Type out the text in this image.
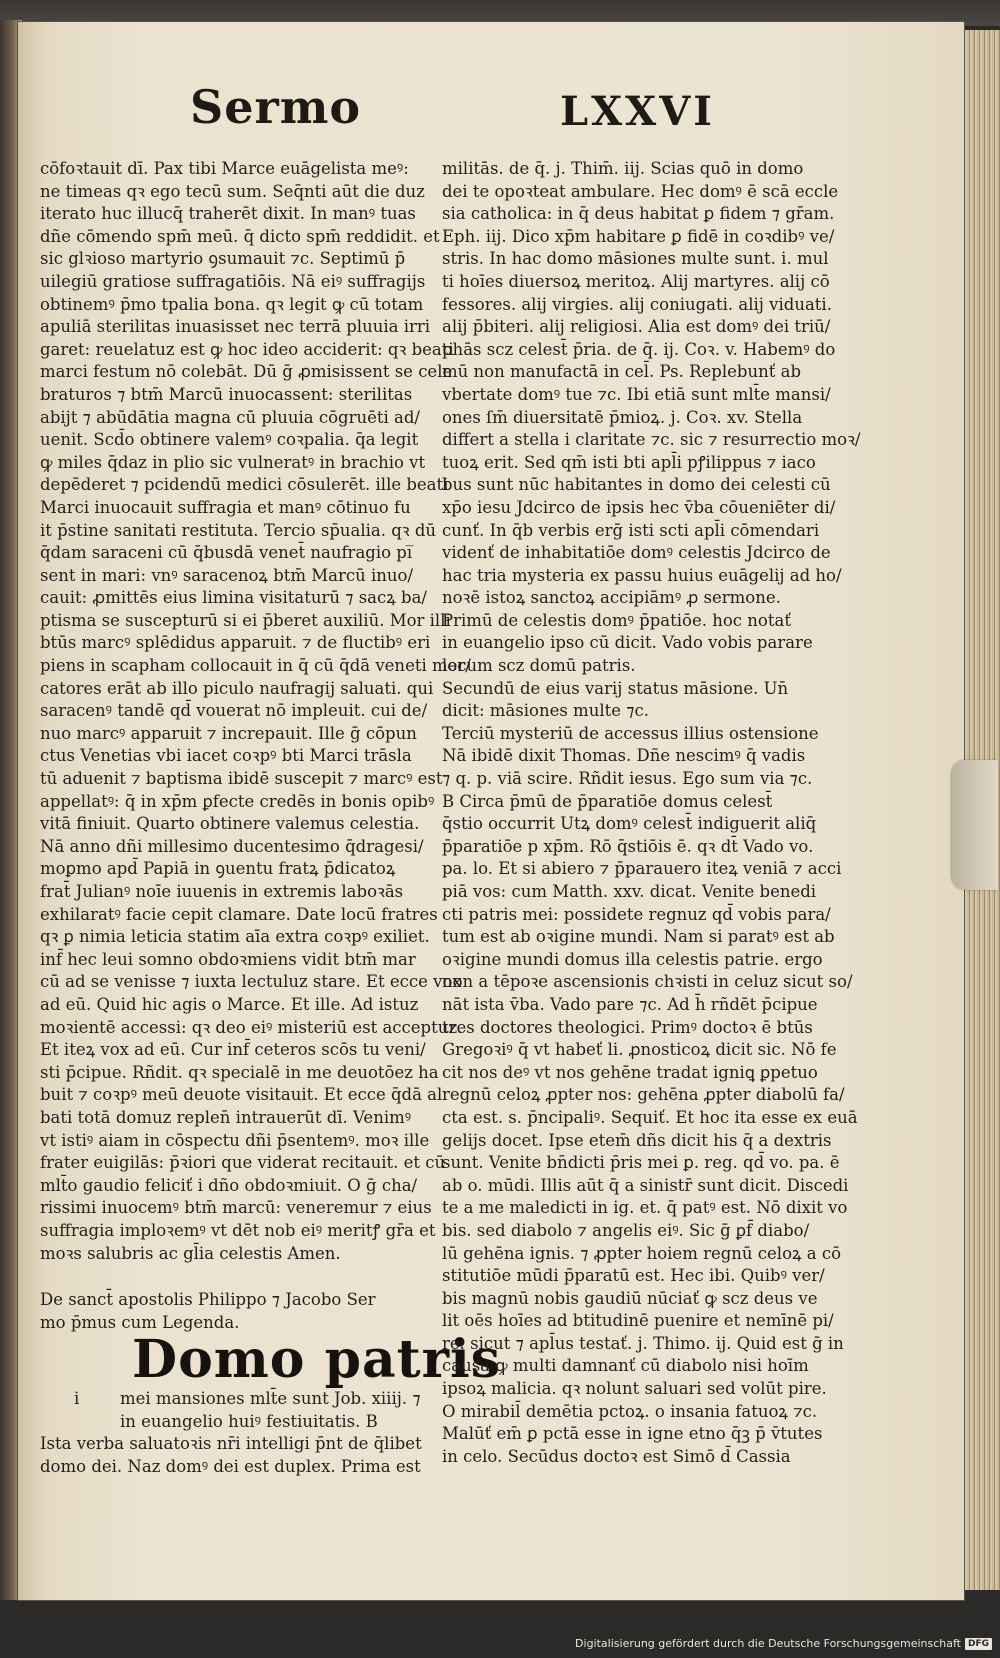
Sermo	LXXVI
cōfoꝛtauit dī. Pax tibi Marce euāgelista meꝰ:
ne timeas qꝛ ego tecū sum. Seq̄nti aūt die duz
iterato huc illucq̄ traherēt dixit. In manꝰ tuas
dñe cōmendo spm̄ meū. q̄ dicto spm̄ reddidit. et
sic glꝛioso martyrio ꝯsumauit ⁊c. Septimū p̄
uilegiū gratiose suffragatiōis. Nā eiꝰ suffragijs
obtinemꝰ p̄mo tpalia bona. qꝛ legit ꝙ cū totam
apuliā sterilitas inuasisset nec terrā pluuia irri
garet: reuelatuz est ꝙ hoc ideo acciderit: qꝛ beati
marci festum nō colebāt. Dū ḡ ꝓmisissent se cele
braturos ⁊ btm̄ Marcū inuocassent: sterilitas
abijt ⁊ abūdātia magna cū pluuia cōgruēti ad/
uenit. Scd̄o obtinere valemꝰ coꝛpalia. q̄a legit
ꝙ miles q̄daz in plio sic vulneratꝰ in brachio vt
depēderet ⁊ pcidendū medici cōsulerēt. ille beati
Marci inuocauit suffragia et manꝰ cōtinuo fu
it p̄stine sanitati restituta. Tercio sp̄ualia. qꝛ dū
q̄dam saraceni cū q̄busdā venet̄ naufragio pi̅
sent in mari: vnꝰ saracenoꝝ btm̄ Marcū inuo/
cauit: ꝓmittēs eius limina visitaturū ⁊ sacꝝ ba/
ptisma se suscepturū si ei p̄beret auxiliū. Mor illi
btūs marcꝰ splēdidus apparuit. ⁊ de fluctibꝰ eri
piens in scapham collocauit in q̄ cū q̄dā veneti mer/
catores erāt ab illo piculo naufragij saluati. qui
saracenꝰ tandē qd̄ vouerat nō impleuit. cui de/
nuo marcꝰ apparuit ⁊ increpauit. Ille ḡ cōpun
ctus Venetias vbi iacet coꝛpꝰ bti Marci trāsla
tū aduenit ⁊ baptisma ibidē suscepit ⁊ marcꝰ est
appellatꝰ: q̄ in xp̄m ꝑfecte credēs in bonis opibꝰ
vitā finiuit. Quarto obtinere valemus celestia.
Nā anno dñi millesimo ducentesimo q̄dragesi/
moꝑmo apd̄ Papiā in ꝯuentu fratꝝ p̄dicatoꝝ
frat̄ Julianꝰ noīe iuuenis in extremis laboꝛās
exhilaratꝰ facie cepit clamare. Date locū fratres
qꝛ ꝑ nimia leticia statim aīa extra coꝛpꝰ exiliet.
inf̄ hec leui somno obdoꝛmiens vidit btm̄ mar
cū ad se venisse ⁊ iuxta lectuluz stare. Et ecce vox
ad eū. Quid hic agis o Marce. Et ille. Ad istuz
moꝛientē accessi: qꝛ deo eiꝰ misteriū est acceptuz.
Et iteꝝ vox ad eū. Cur inf̄ ceteros scōs tu veni/
sti p̄cipue. Rñdit. qꝛ specialē in me deuotōez ha
buit ⁊ coꝛpꝰ meū deuote visitauit. Et ecce q̄dā al
bati totā domuz replen̄ intrauerūt dī. Venimꝰ
vt istiꝰ aiam in cōspectu dñi p̄sentemꝰ. moꝛ ille
frater euigilās: p̄ꝛiori que viderat recitauit. et cū
mlt̄o gaudio feliciť i dño obdoꝛmiuit. O ḡ cha/
rissimi inuocemꝰ btm̄ marcū: veneremur ⁊ eius
suffragia imploꝛemꝰ vt dēt nob eiꝰ meritꝭ gr̄a et
moꝛs salubris ac gl̄ia celestis Amen.
De sanct̄ apostolis Philippo ⁊ Jacobo Ser
mo p̄mus cum Legenda.
Domo patris
i mei mansiones mlt̄e sunt Job. xiiij. ⁊
in euangelio huiꝰ festiuitatis. B
Ista verba saluatoꝛis nr̄i intelligi p̄nt de q̄libet
domo dei. Naz domꝰ dei est duplex. Prima est
militās. de q̄. j. Thim̄. iij. Scias quō in domo
dei te opoꝛteat ambulare. Hec domꝰ ē scā eccle
sia catholica: in q̄ deus habitat ꝑ fidem ⁊ gr̄am.
Eph. iij. Dico xp̄m habitare ꝑ fidē in coꝛdibꝰ ve/
stris. In hac domo māsiones multe sunt. i. mul
ti hoīes diuersoꝝ meritoꝝ. Alij martyres. alij cō
fessores. alij virgies. alij coniugati. alij viduati.
alij p̄biteri. alij religiosi. Alia est domꝰ dei triū/
phās scz celest̄ p̄ria. de q̄. ij. Coꝛ. v. Habemꝰ do
mū non manufactā in cel̄. Ps. Replebunť ab
vbertate domꝰ tue ⁊c. Ibi etiā sunt mlt̄e mansi/
ones ſm̄ diuersitatē p̄mioꝝ. j. Coꝛ. xv. Stella
differt a stella i claritate ⁊c. sic ⁊ resurrectio moꝛ/
tuoꝝ erit. Sed qm̄ isti bti apl̄i pꝭilippus ⁊ iaco
bus sunt nūc habitantes in domo dei celesti cū
xp̄o iesu Jdcirco de ipsis hec v̄ba cōueniēter di/
cunť. In q̄b verbis erḡ isti scti apl̄i cōmendari
videnť de inhabitatiōe domꝰ celestis Jdcirco de
hac tria mysteria ex passu huius euāgelij ad ho/
noꝛē istoꝝ sanctoꝝ accipiāmꝰ ꝓ sermone.
Primū de celestis domꝰ p̄patiōe. hoc notať
in euangelio ipso cū dicit. Vado vobis parare
locum scz domū patris.
Secundū de eius varij status māsione. Un̄
dicit: māsiones multe ⁊c.
Terciū mysteriū de accessus illius ostensione
Nā ibidē dixit Thomas. Dñe nescimꝰ q̄ vadis
⁊ q. p. viā scire. Rñdit iesus. Ego sum via ⁊c.
B Circa p̄mū de p̄paratiōe domus celest̄
q̄stio occurrit Utꝝ domꝰ celest̄ indiguerit aliq̄
p̄paratiōe p xp̄m. Rō q̄stiōis ē. qꝛ dt̄ Vado vo.
pa. lo. Et si abiero ⁊ p̄parauero iteꝝ veniā ⁊ acci
piā vos: cum Matth. xxv. dicat. Venite benedi
cti patris mei: possidete regnuz qd̄ vobis para/
tum est ab oꝛigine mundi. Nam si paratꝰ est ab
oꝛigine mundi domus illa celestis patrie. ergo
non a tēpoꝛe ascensionis chꝛisti in celuz sicut so/
nāt ista v̄ba. Vado pare ⁊c. Ad h̄ rñdēt p̄cipue
tres doctores theologici. Primꝰ doctoꝛ ē btūs
Gregoꝛiꝰ q̄ vt habeť li. ꝓnosticoꝝ dicit sic. Nō fe
cit nos deꝰ vt nos gehēne tradat igniꝗ ꝑpetuo
regnū celoꝝ ꝓpter nos: gehēna ꝓpter diabolū fa/
cta est. s. p̄ncipaliꝰ. Sequiť. Et hoc ita esse ex euā
gelijs docet. Ipse etem̄ dñs dicit his q̄ a dextris
sunt. Venite bn̄dicti p̄ris mei ꝑ. reg. qd̄ vo. pa. ē
ab o. mūdi. Illis aūt q̄ a sinistr̄ sunt dicit. Discedi
te a me maledicti in ig. et. q̄ patꝰ est. Nō dixit vo
bis. sed diabolo ⁊ angelis eiꝰ. Sic ḡ ꝑf̄ diabo/
lū gehēna ignis. ⁊ ꝓpter hoiem regnū celoꝝ a cō
stitutiōe mūdi p̄paratū est. Hec ibi. Quibꝰ ver/
bis magnū nobis gaudiū nūciať ꝙ scz deus ve
lit oēs hoīes ad btitudinē puenire et nemīnē pi/
re. sicut ⁊ apl̄us testať. j. Thimo. ij. Quid est ḡ in
causa ꝙ multi damnanť cū diabolo nisi hoīm
ipsoꝝ malicia. qꝛ nolunt saluari sed volūt pire.
O mirabil̄ demētia pctoꝝ. o insania fatuoꝝ ⁊c.
Malūť em̄ ꝑ pctā esse in igne etno q̄ꝫ p̄ v̄tutes
in celo. Secūdus doctoꝛ est Simō d̄ Cassia
Digitalisierung gefördert durch die Deutsche Forschungsgemeinschaft DFG
